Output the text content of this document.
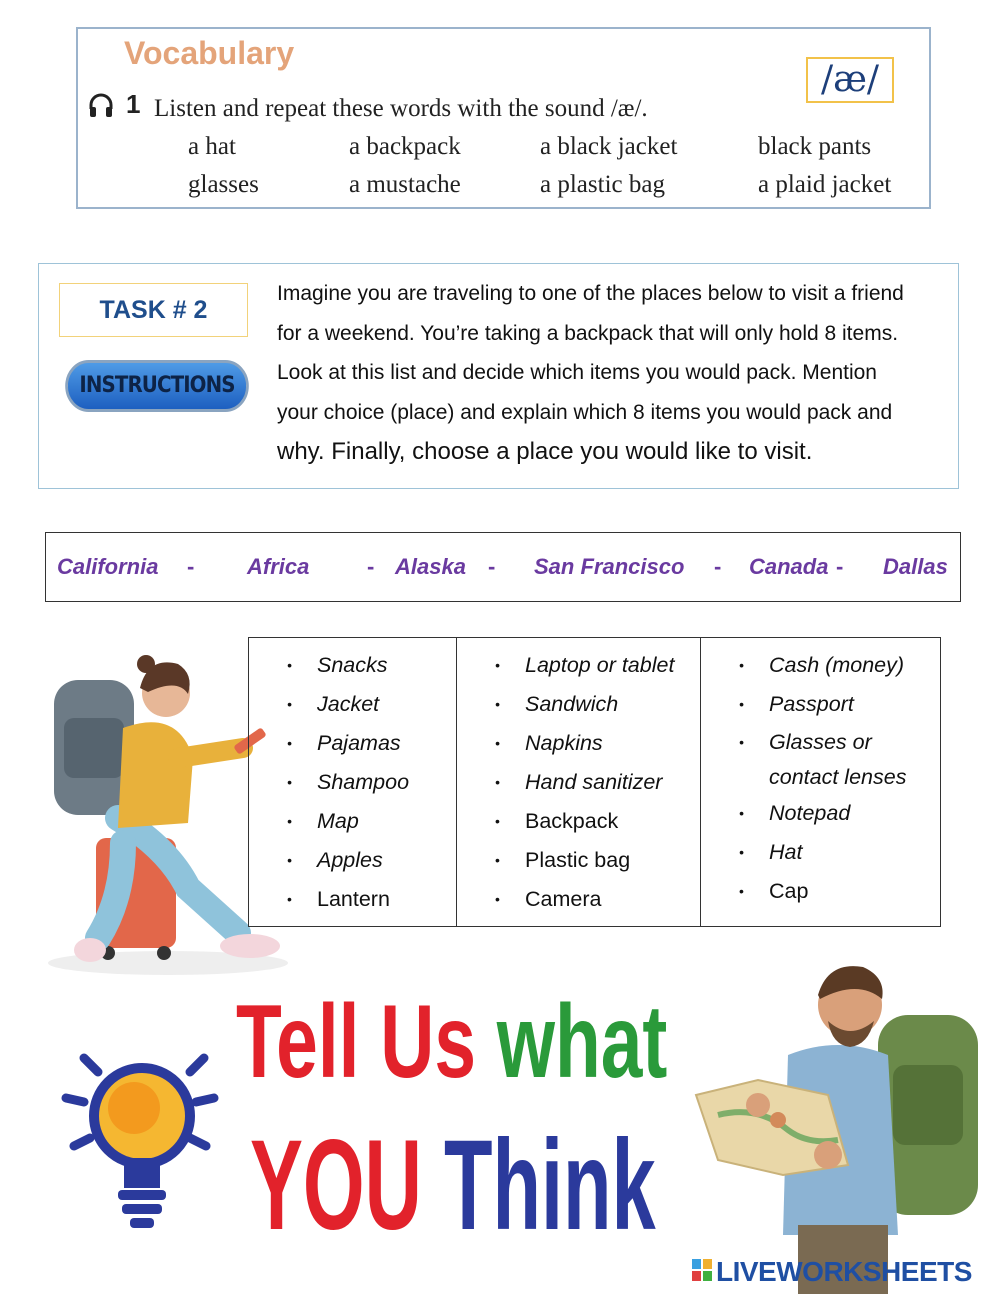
Vocabulary
/æ/
1 Listen and repeat these words with the sound /æ/.
a hat	a backpack	a black jacket	black pants
glasses	a mustache	a plastic bag	a plaid jacket
TASK # 2
INSTRUCTIONS
Imagine you are traveling to one of the places below to visit a friend
for a weekend. You’re taking a backpack that will only hold 8 items.
Look at this list and decide which items you would pack. Mention
your choice (place) and explain which 8 items you would pack and
why. Finally, choose a place you would like to visit.
California - Africa	- Alaska - San Francisco - Canada - Dallas
• Snacks
• Jacket
• Pajamas
• Shampoo
• Map
• Apples
• Lantern
• Laptop or tablet
• Sandwich
• Napkins
• Hand sanitizer
• Backpack
• Plastic bag
• Camera
• Cash (money)
• Passport
• Glasses or
contact lenses
• Notepad
• Hat
• Cap
Tell Us what
YOU Think
LIVEWORKSHEETS
